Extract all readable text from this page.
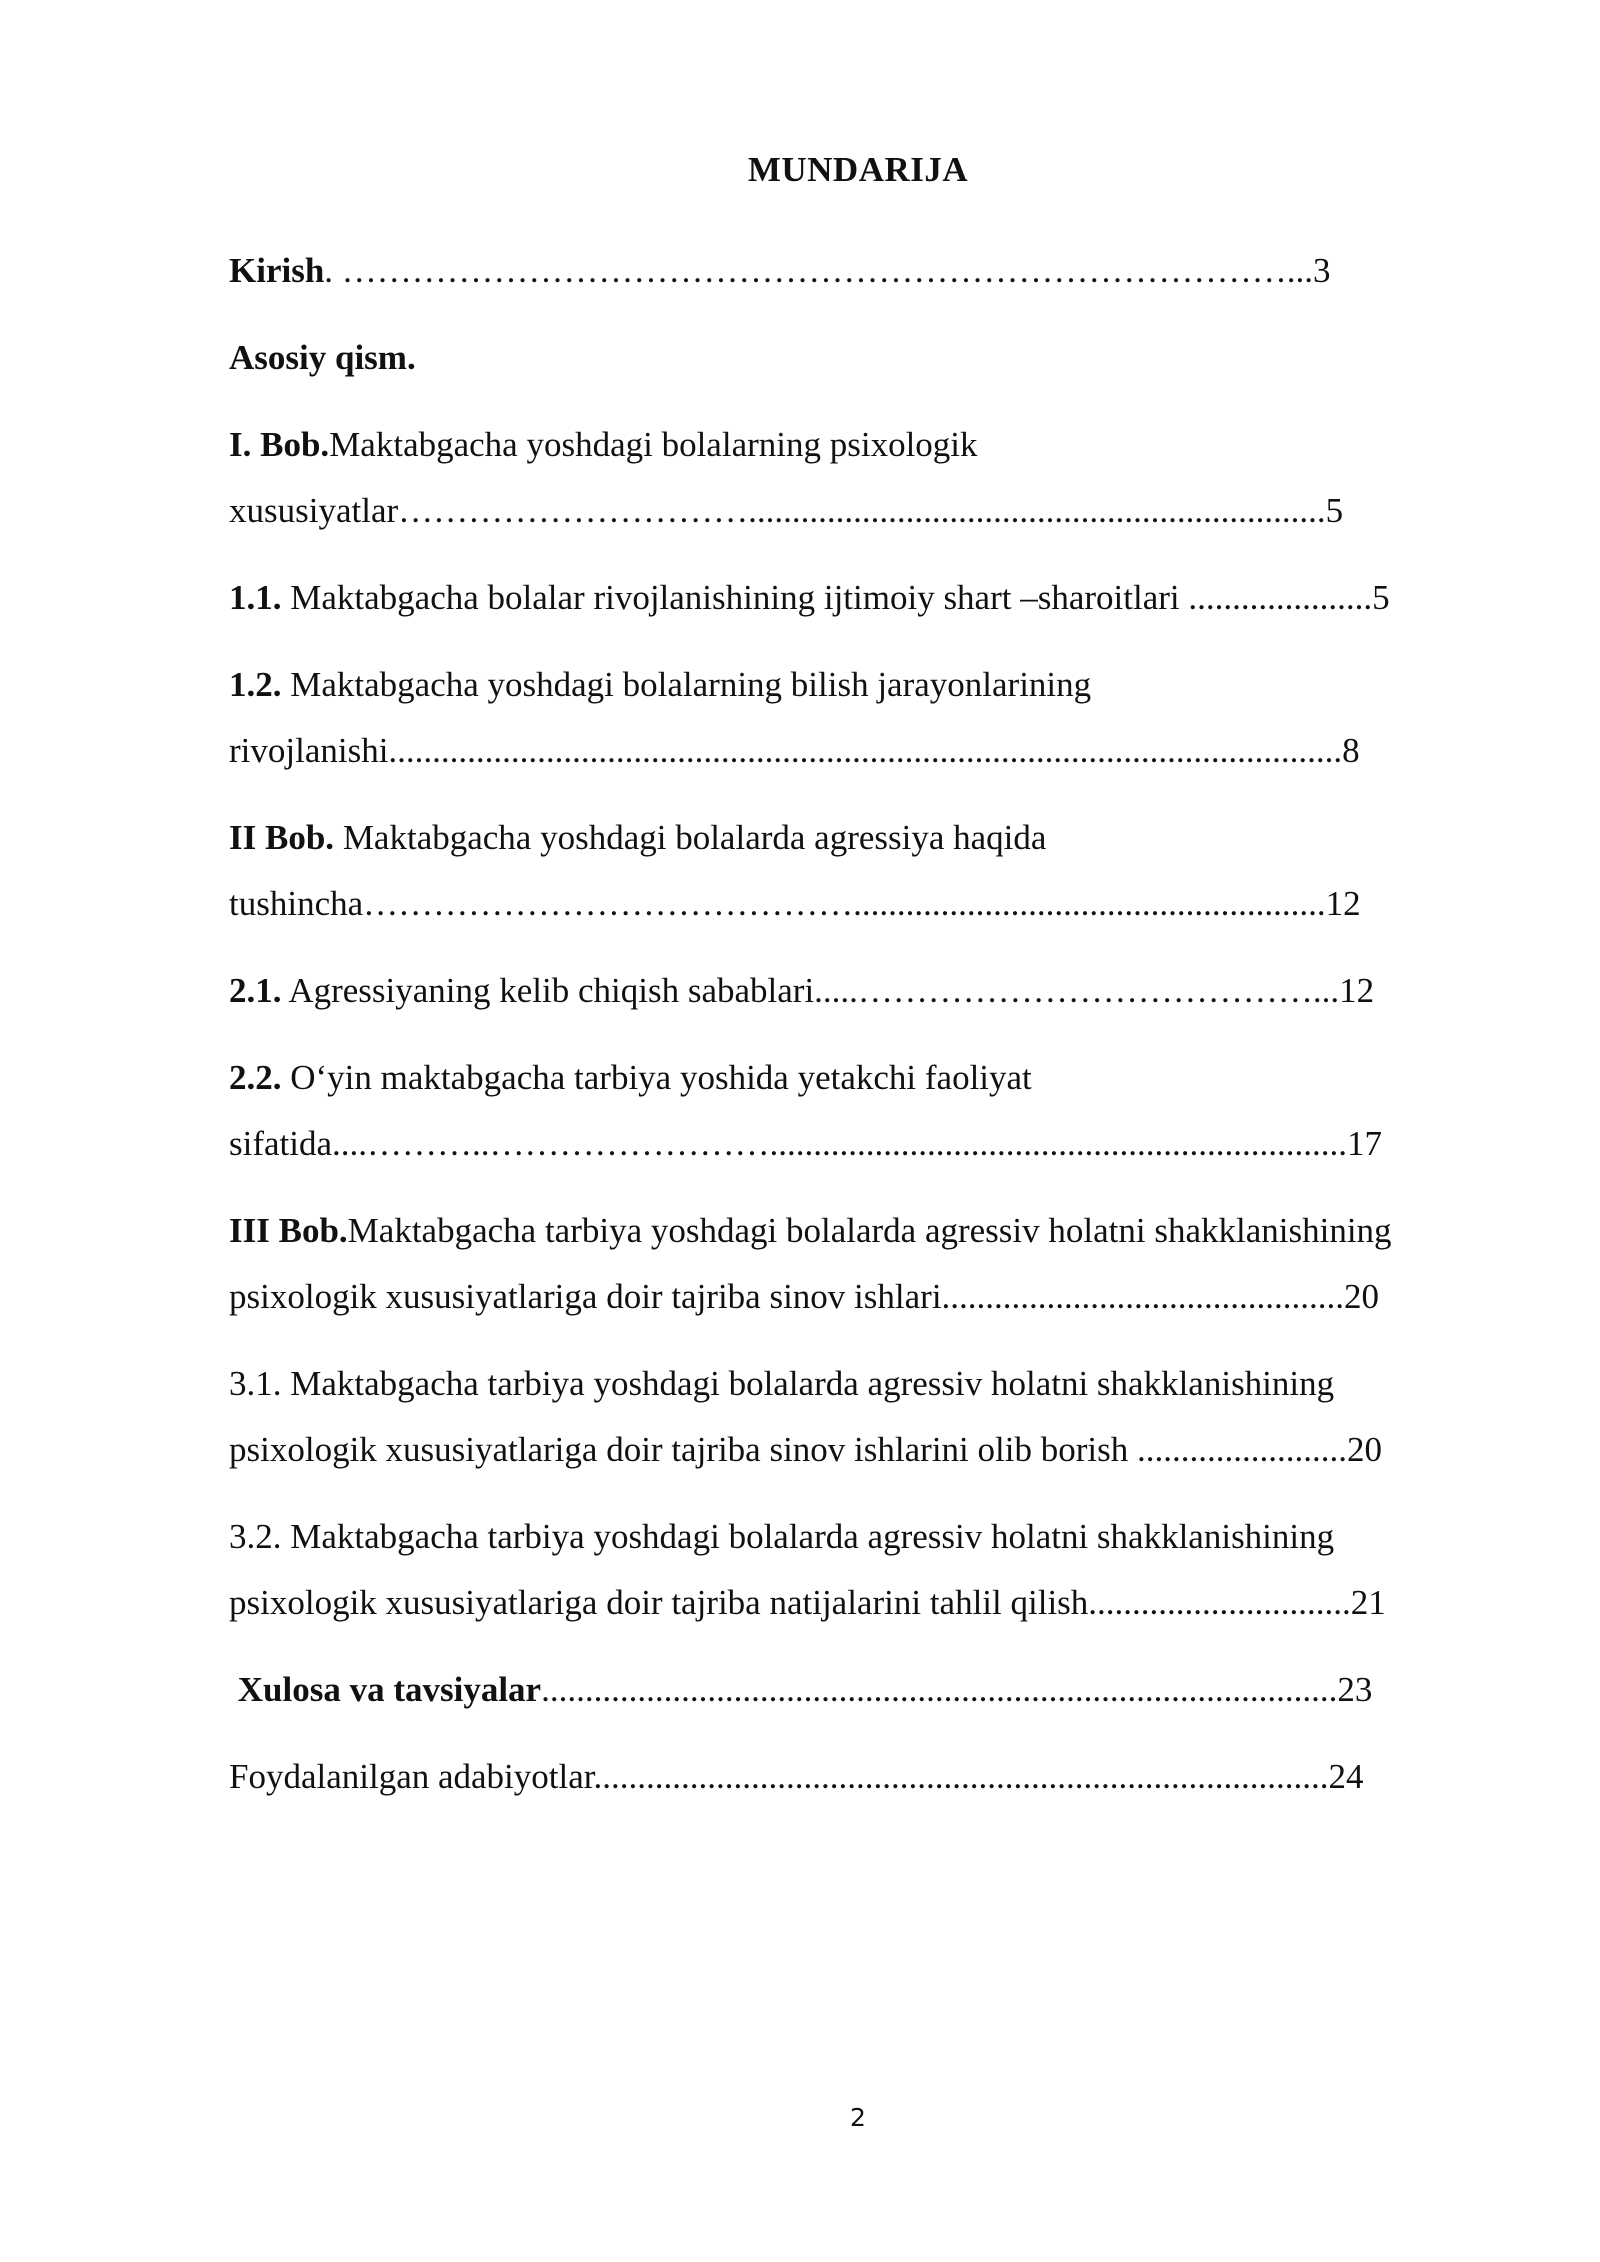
MUNDARIJA
Kirish. ………………………………………………………………………...3
Asosiy qism.
I. Bob.Maktabgacha yoshdagi bolalarning psixologik
xususiyatlar…………………………..................................................................5
1.1. Maktabgacha bolalar rivojlanishining ijtimoiy shart –sharoitlari .....................5
1.2. Maktabgacha yoshdagi bolalarning bilish jarayonlarining
rivojlanishi.............................................................................................................8
II Bob. Maktabgacha yoshdagi bolalarda agressiya haqida
tushincha……………………………………......................................................12
2.1. Agressiyaning kelib chiqish sabablari.....…………………………………...12
2.2. O‘yin maktabgacha tarbiya yoshida yetakchi faoliyat
sifatida....………..……………………..................................................................17
III Bob.Maktabgacha tarbiya yoshdagi bolalarda agressiv holatni shakklanishining
psixologik xususiyatlariga doir tajriba sinov ishlari..............................................20
3.1. Maktabgacha tarbiya yoshdagi bolalarda agressiv holatni shakklanishining
psixologik xususiyatlariga doir tajriba sinov ishlarini olib borish ........................20
3.2. Maktabgacha tarbiya yoshdagi bolalarda agressiv holatni shakklanishining
psixologik xususiyatlariga doir tajriba natijalarini tahlil qilish..............................21
Xulosa va tavsiyalar...........................................................................................23
Foydalanilgan adabiyotlar....................................................................................24
2
